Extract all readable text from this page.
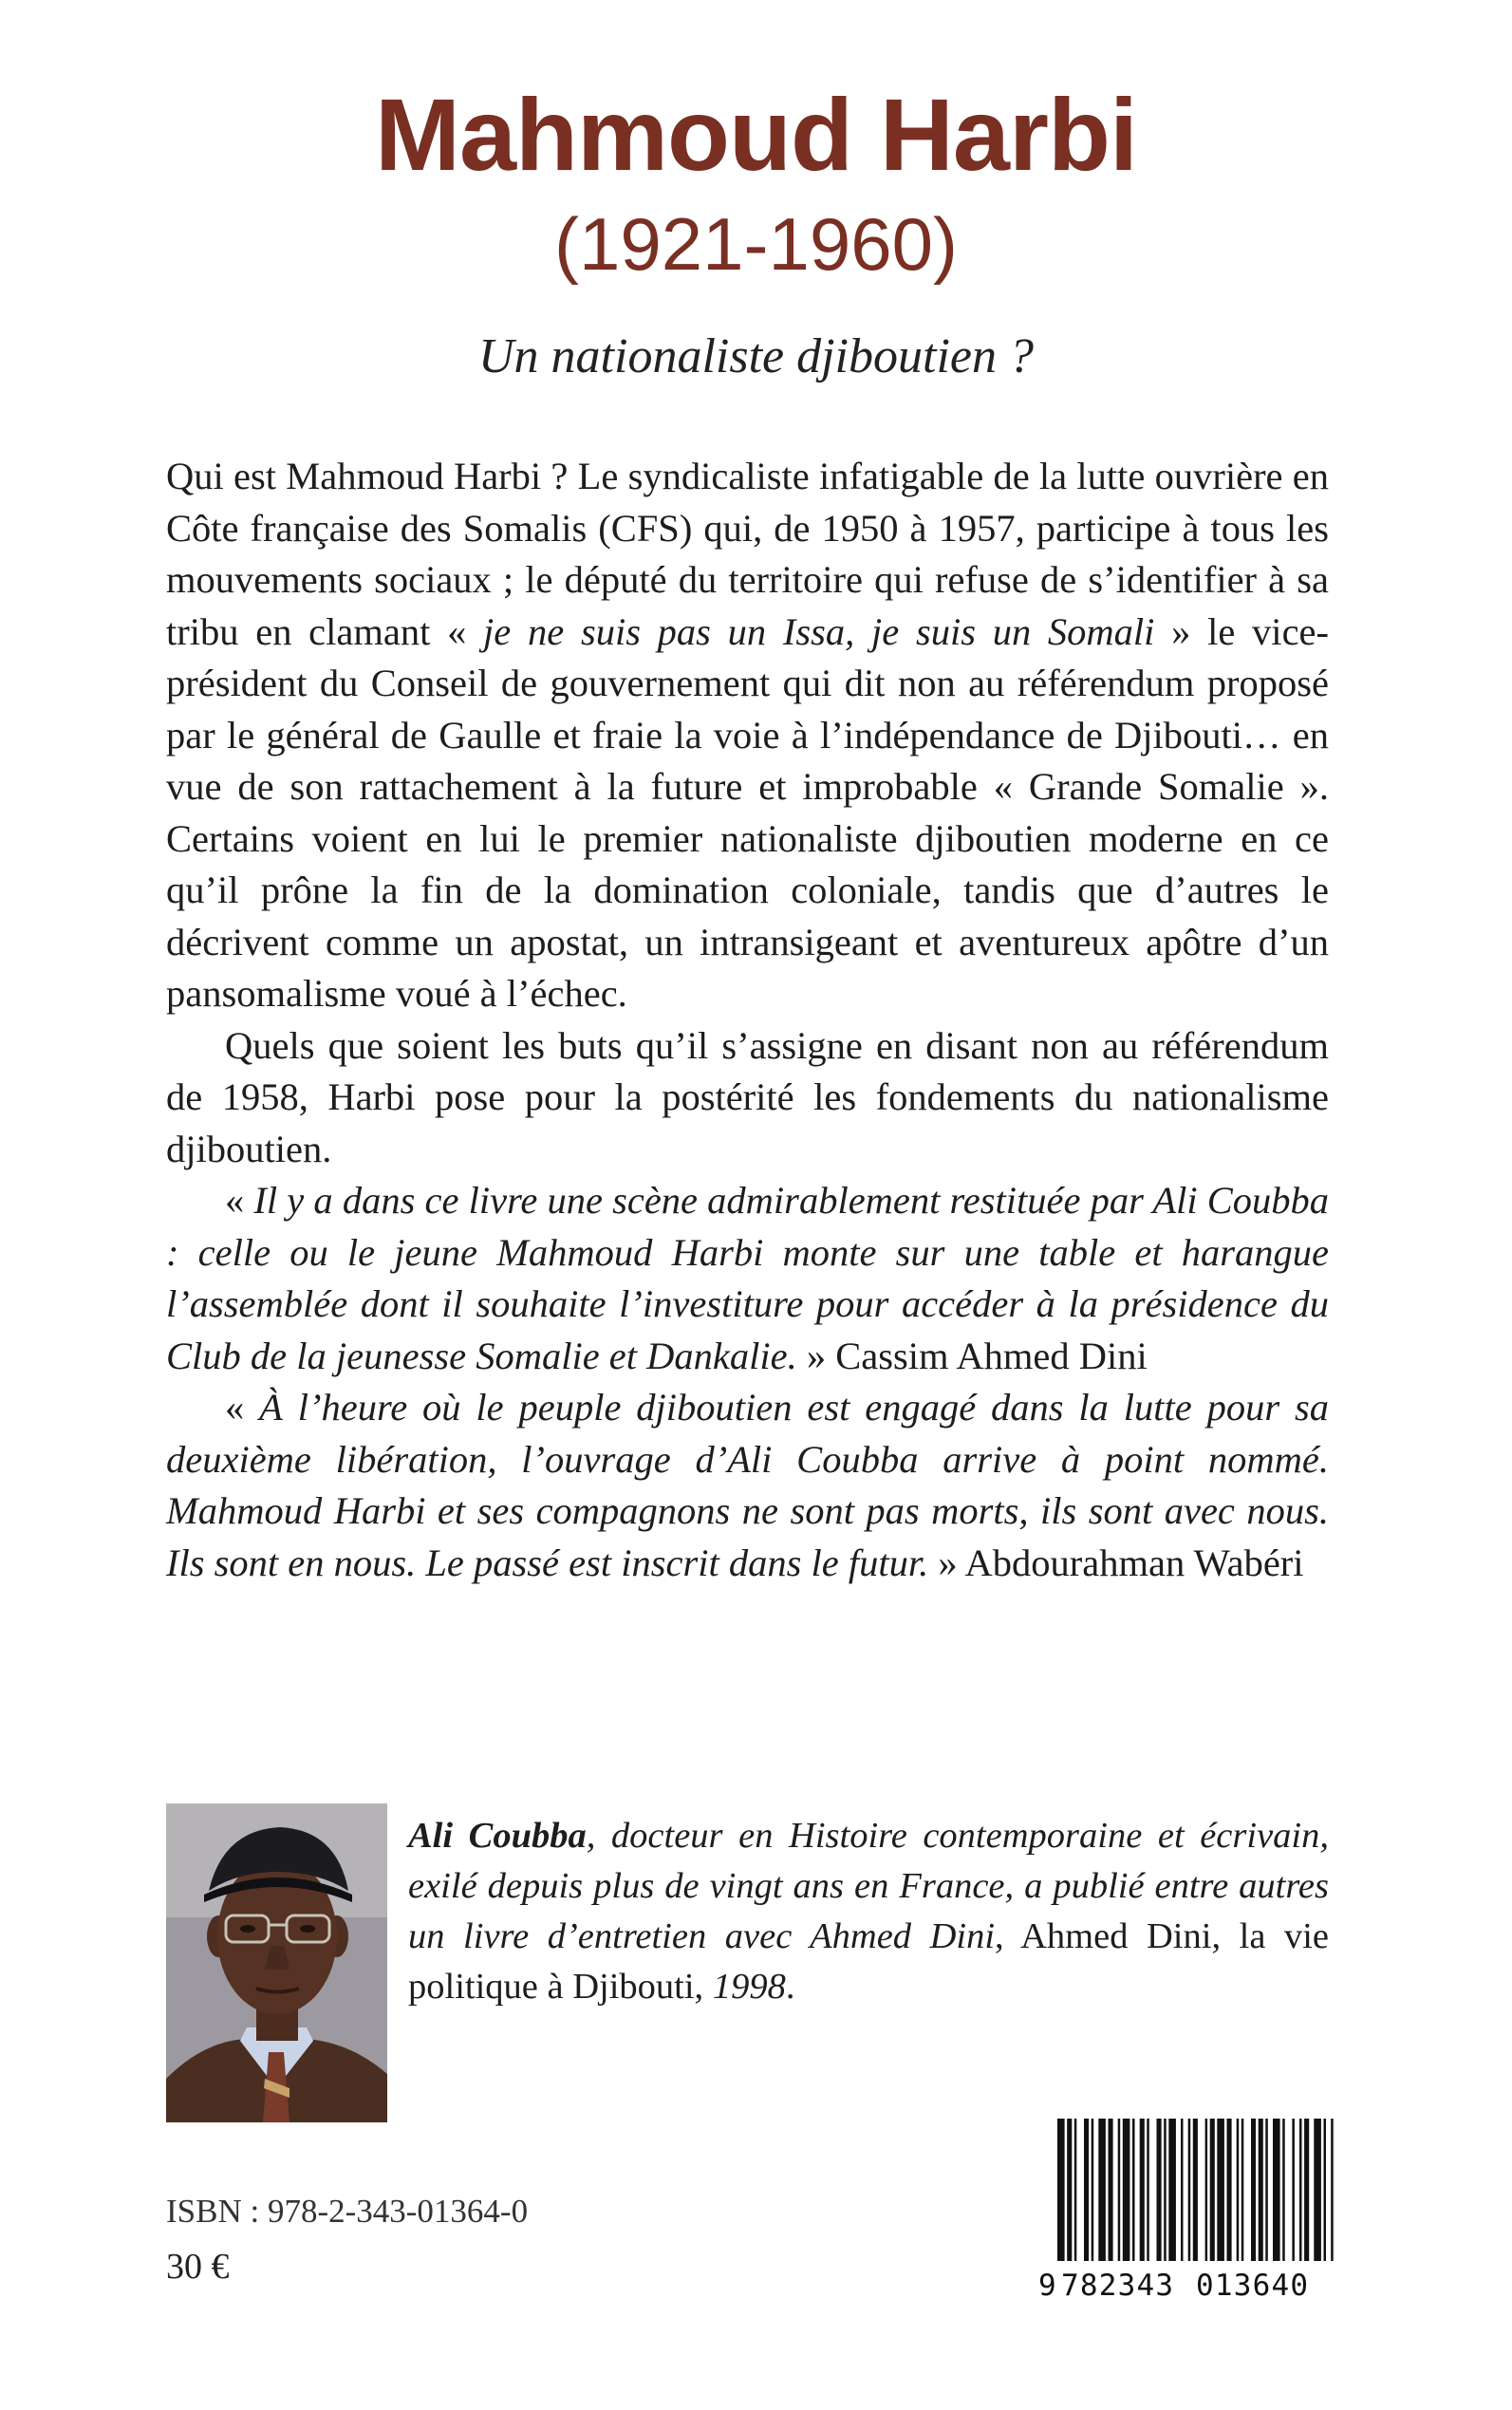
Mahmoud Harbi
(1921-1960)
Un nationaliste djiboutien ?

Qui est Mahmoud Harbi ? Le syndicaliste infatigable de la lutte ouvrière en Côte française des Somalis (CFS) qui, de 1950 à 1957, participe à tous les mouvements sociaux ; le député du territoire qui refuse de s’identifier à sa tribu en clamant « je ne suis pas un Issa, je suis un Somali » le vice-président du Conseil de gouvernement qui dit non au référendum proposé par le général de Gaulle et fraie la voie à l’indépendance de Djibouti… en vue de son rattachement à la future et improbable « Grande Somalie ». Certains voient en lui le premier nationaliste djiboutien moderne en ce qu’il prône la fin de la domination coloniale, tandis que d’autres le décrivent comme un apostat, un intransigeant et aventureux apôtre d’un pansomalisme voué à l’échec.

Quels que soient les buts qu’il s’assigne en disant non au référendum de 1958, Harbi pose pour la postérité les fondements du nationalisme djiboutien.

« Il y a dans ce livre une scène admirablement restituée par Ali Coubba : celle ou le jeune Mahmoud Harbi monte sur une table et harangue l’assemblée dont il souhaite l’investiture pour accéder à la présidence du Club de la jeunesse Somalie et Dankalie. » Cassim Ahmed Dini

« À l’heure où le peuple djiboutien est engagé dans la lutte pour sa deuxième libération, l’ouvrage d’Ali Coubba arrive à point nommé. Mahmoud Harbi et ses compagnons ne sont pas morts, ils sont avec nous. Ils sont en nous. Le passé est inscrit dans le futur. » Abdourahman Wabéri

Ali Coubba, docteur en Histoire contemporaine et écrivain, exilé depuis plus de vingt ans en France, a publié entre autres un livre d’entretien avec Ahmed Dini, Ahmed Dini, la vie politique à Djibouti, 1998.
ISBN : 978-2-343-01364-0
30 €	9 782343 013640
